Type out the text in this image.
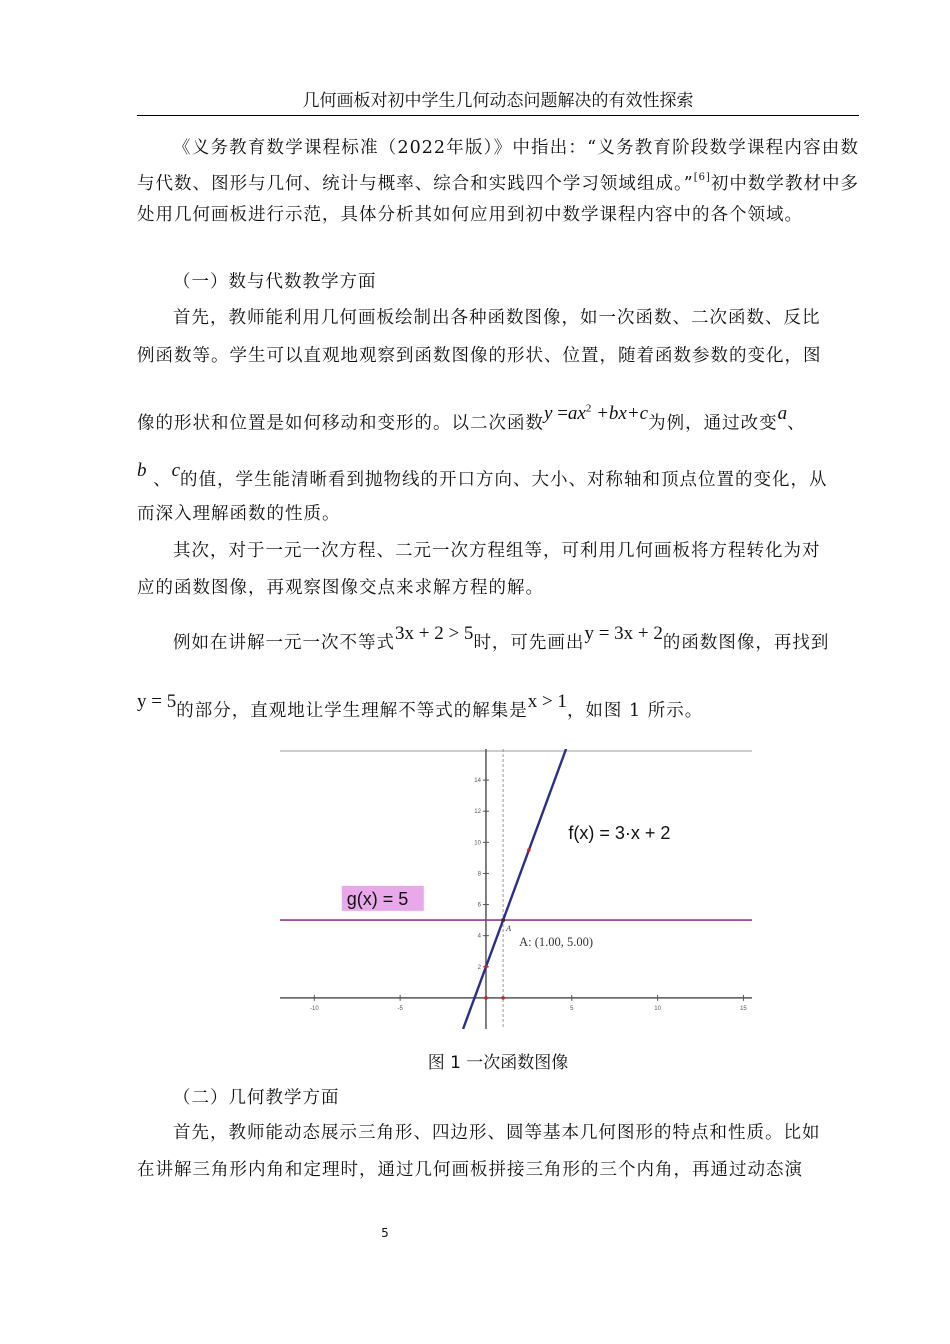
几何画板对初中学生几何动态问题解决的有效性探索
《义务教育数学课程标准（2022年版）》中指出：“义务教育阶段数学课程内容由数与代数、图形与几何、统计与概率、综合和实践四个学习领域组成。”[6]初中数学教材中多处用几何画板进行示范，具体分析其如何应用到初中数学课程内容中的各个领域。
（一）数与代数教学方面
首先，教师能利用几何画板绘制出各种函数图像，如一次函数、二次函数、反比
例函数等。学生可以直观地观察到函数图像的形状、位置，随着函数参数的变化，图
像的形状和位置是如何移动和变形的。以二次函数$y =ax^2 +bx+c$为例，通过改变a、
b 、c的值，学生能清晰看到抛物线的开口方向、大小、对称轴和顶点位置的变化，从
而深入理解函数的性质。
其次，对于一元一次方程、二元一次方程组等，可利用几何画板将方程转化为对
应的函数图像，再观察图像交点来求解方程的解。
例如在讲解一元一次不等式3x + 2 > 5时，可先画出y = 3x + 2的函数图像，再找到
y = 5的部分，直观地让学生理解不等式的解集是x > 1，如图 1 所示。
-10	-5	5	10	15
2
4
6
8
10
12
14
A
A: (1.00, 5.00)
f(x) = 3·x + 2
g(x) = 5
图 1 一次函数图像
（二）几何教学方面
首先，教师能动态展示三角形、四边形、圆等基本几何图形的特点和性质。比如
在讲解三角形内角和定理时，通过几何画板拼接三角形的三个内角，再通过动态演
5
